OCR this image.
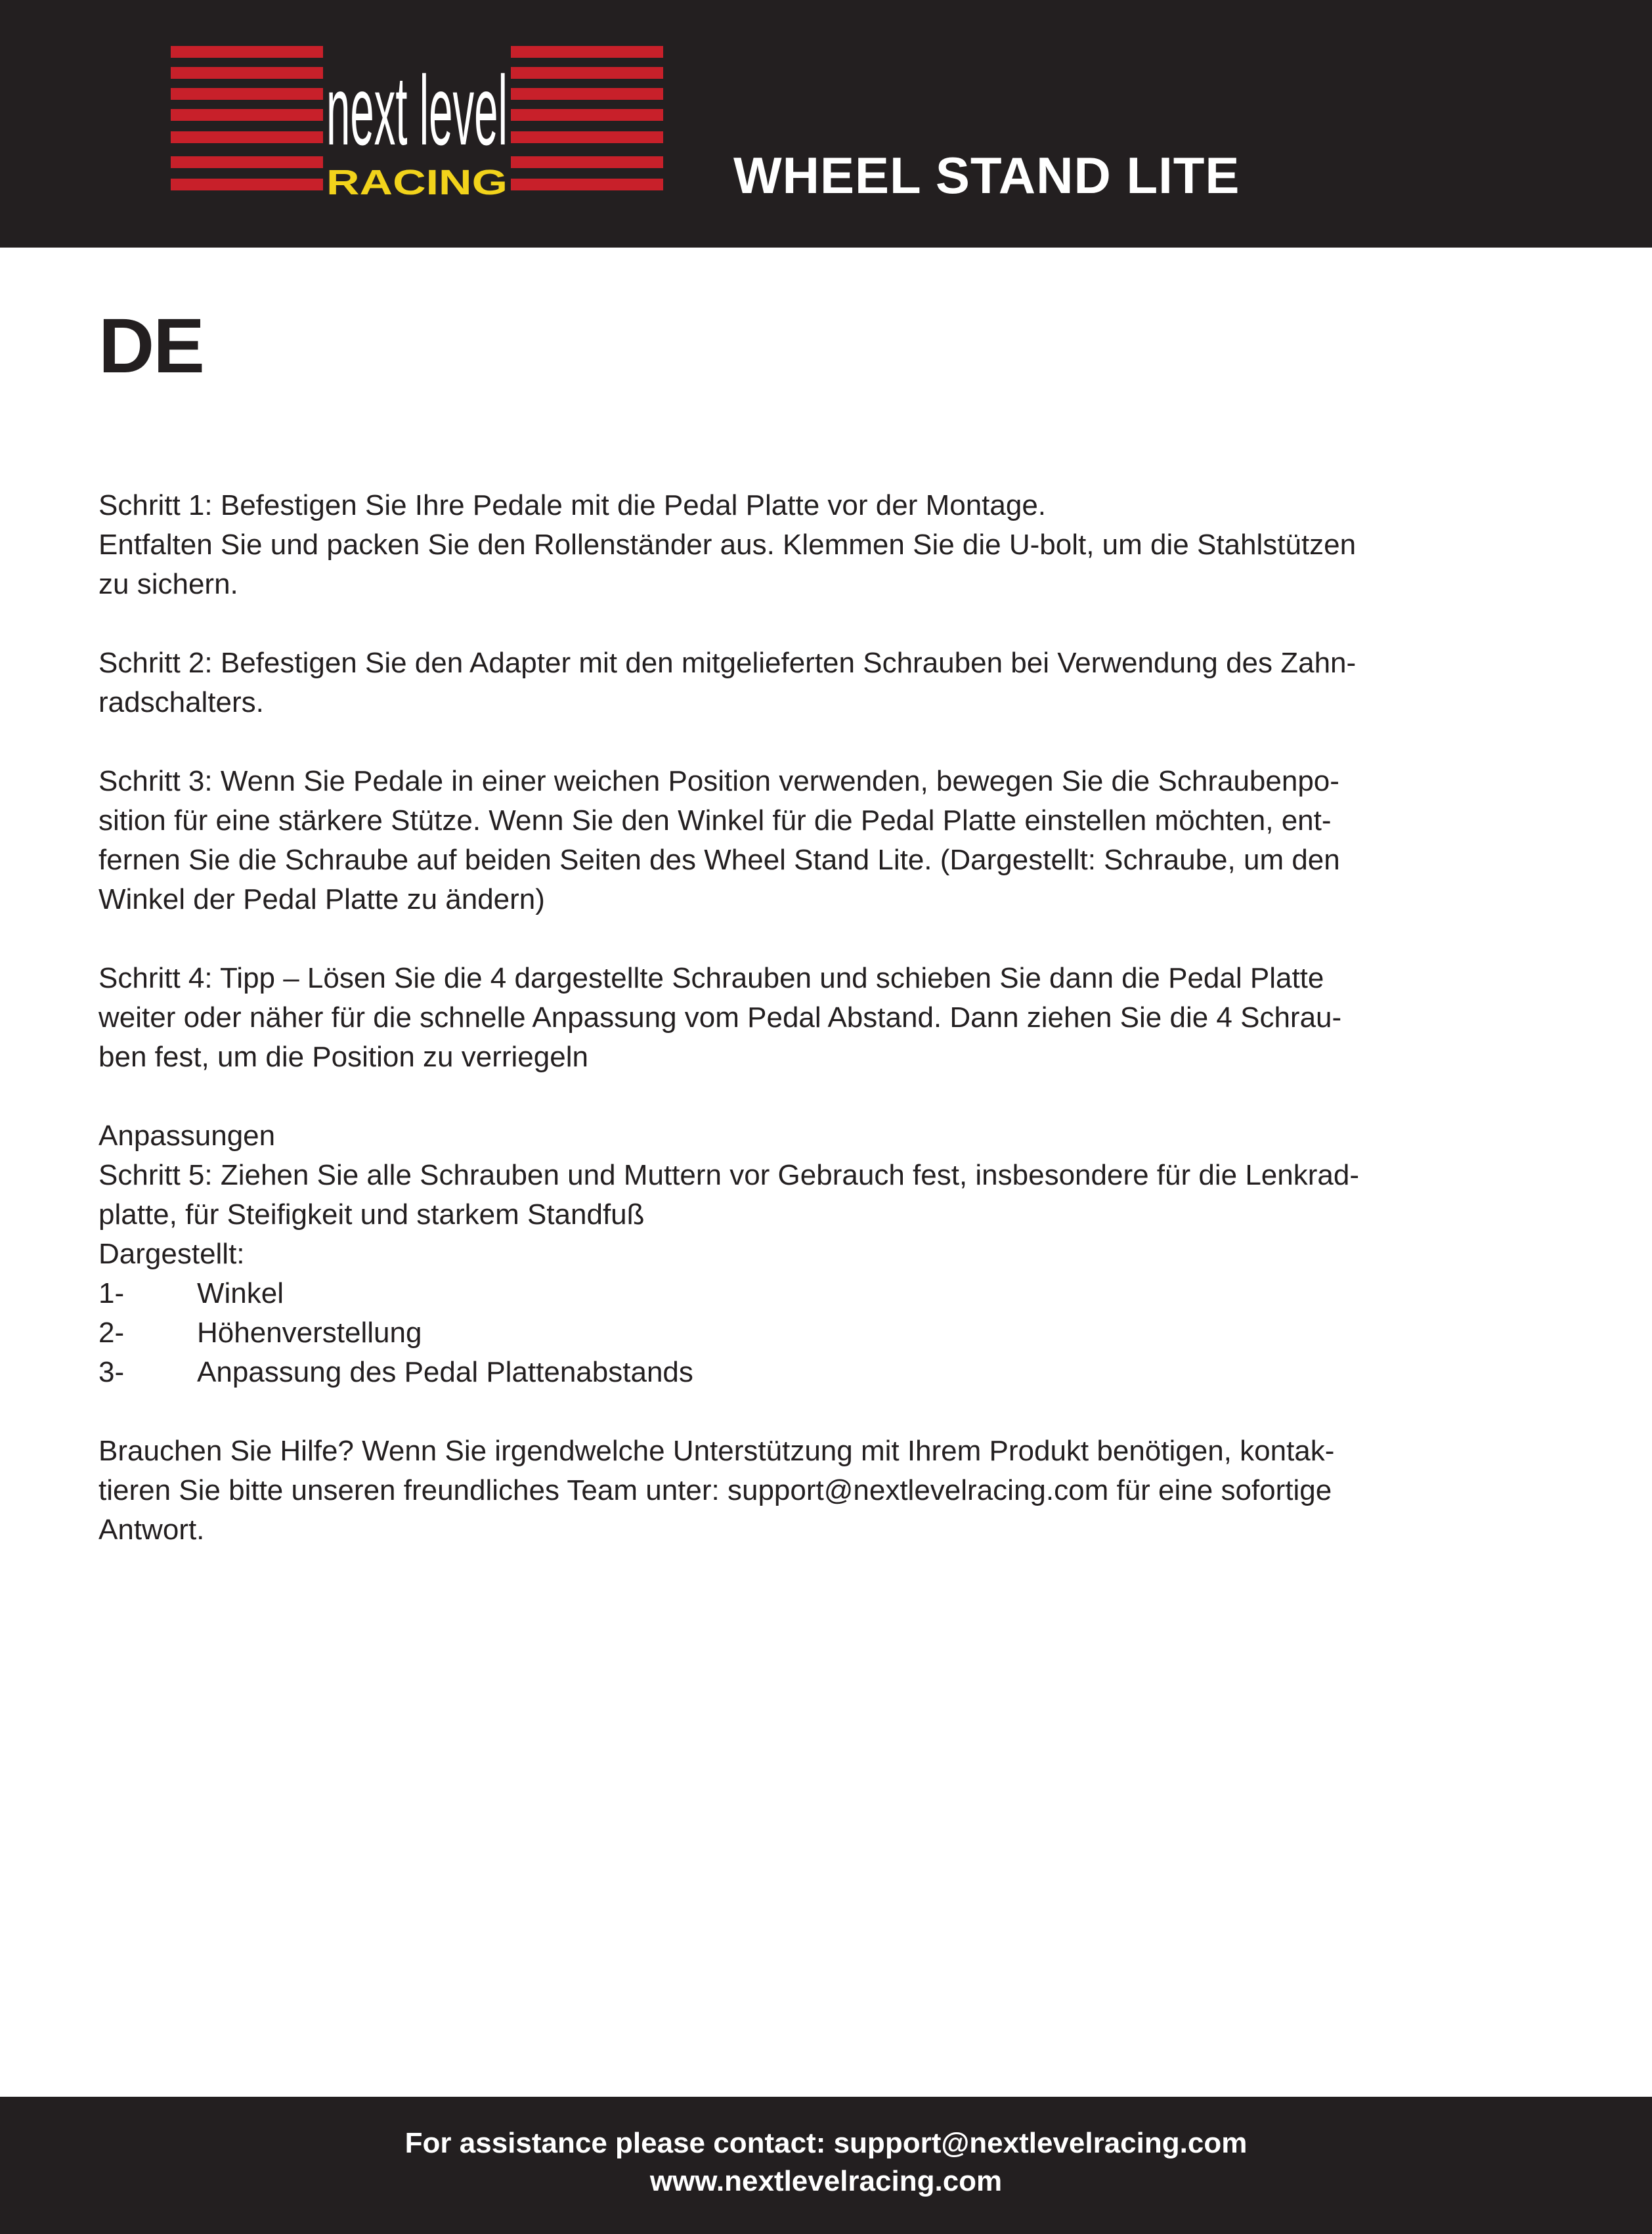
next level
RACING	WHEEL STAND LITE
DE

Schritt 1: Befestigen Sie Ihre Pedale mit die Pedal Platte vor der Montage.

Entfalten Sie und packen Sie den Rollenständer aus. Klemmen Sie die U-bolt, um die Stahlstützen

zu sichern.

Schritt 2: Befestigen Sie den Adapter mit den mitgelieferten Schrauben bei Verwendung des Zahn-

radschalters.

Schritt 3: Wenn Sie Pedale in einer weichen Position verwenden, bewegen Sie die Schraubenpo-

sition für eine stärkere Stütze. Wenn Sie den Winkel für die Pedal Platte einstellen möchten, ent-

fernen Sie die Schraube auf beiden Seiten des Wheel Stand Lite. (Dargestellt: Schraube, um den

Winkel der Pedal Platte zu ändern)

Schritt 4: Tipp – Lösen Sie die 4 dargestellte Schrauben und schieben Sie dann die Pedal Platte

weiter oder näher für die schnelle Anpassung vom Pedal Abstand. Dann ziehen Sie die 4 Schrau-

ben fest, um die Position zu verriegeln

Anpassungen

Schritt 5: Ziehen Sie alle Schrauben und Muttern vor Gebrauch fest, insbesondere für die Lenkrad-

platte, für Steifigkeit und starkem Standfuß

Dargestellt:

1-	Winkel

2-	Höhenverstellung

3-	Anpassung des Pedal Plattenabstands

Brauchen Sie Hilfe? Wenn Sie irgendwelche Unterstützung mit Ihrem Produkt benötigen, kontak-

tieren Sie bitte unseren freundliches Team unter: support@nextlevelracing.com für eine sofortige

Antwort.

For assistance please contact: support@nextlevelracing.com

www.nextlevelracing.com
